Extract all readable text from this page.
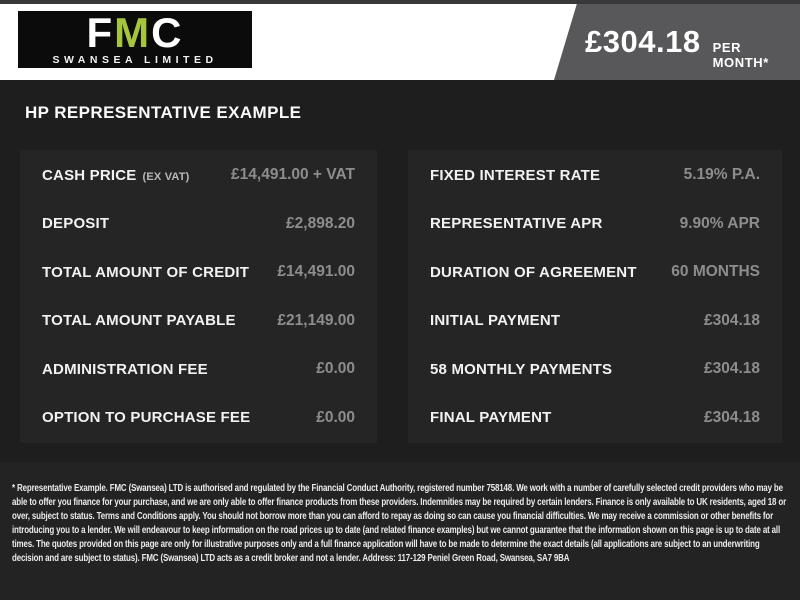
FMC
SWANSEA LIMITED
£304.18 PER MONTH*
HP REPRESENTATIVE EXAMPLE
CASH PRICE (EX VAT)	£14,491.00 + VAT
DEPOSIT	£2,898.20
TOTAL AMOUNT OF CREDIT £14,491.00
TOTAL AMOUNT PAYABLE	£21,149.00
ADMINISTRATION FEE	£0.00
OPTION TO PURCHASE FEE	£0.00
FIXED INTEREST RATE	5.19% P.A.
REPRESENTATIVE APR	9.90% APR
DURATION OF AGREEMENT 60 MONTHS
INITIAL PAYMENT	£304.18
58 MONTHLY PAYMENTS	£304.18
FINAL PAYMENT	£304.18
* Representative Example. FMC (Swansea) LTD is authorised and regulated by the Financial Conduct Authority, registered number 758148. We work with a number of carefully selected credit providers who may be able to offer you finance for your purchase, and we are only able to offer finance products from these providers. Indemnities may be required by certain lenders. Finance is only available to UK residents, aged 18 or over, subject to status. Terms and Conditions apply. You should not borrow more than you can afford to repay as doing so can cause you financial difficulties. We may receive a commission or other benefits for introducing you to a lender. We will endeavour to keep information on the road prices up to date (and related finance examples) but we cannot guarantee that the information shown on this page is up to date at all times. The quotes provided on this page are only for illustrative purposes only and a full finance application will have to be made to determine the exact details (all applications are subject to an underwriting decision and are subject to status). FMC (Swansea) LTD acts as a credit broker and not a lender. Address: 117-129 Peniel Green Road, Swansea, SA7 9BA
